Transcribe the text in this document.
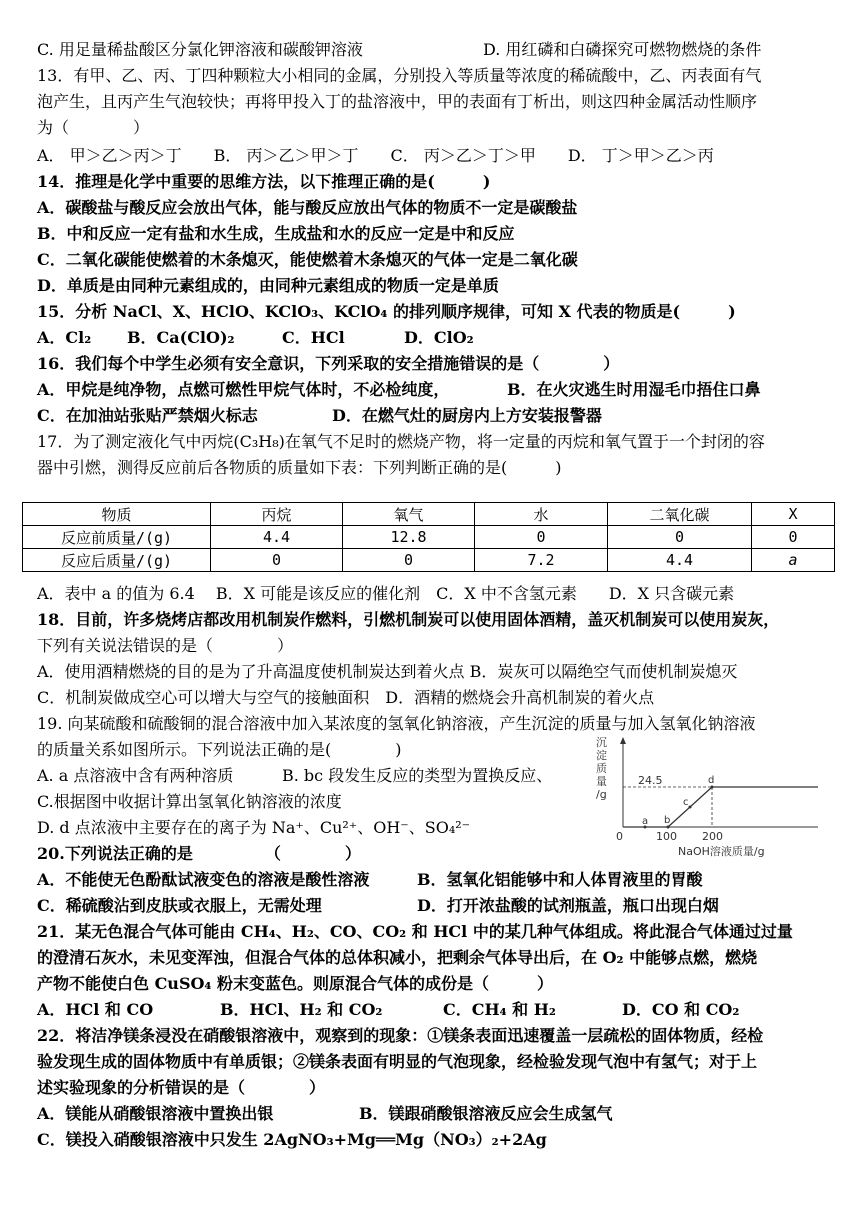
C. 用足量稀盐酸区分氯化钾溶液和碳酸钾溶液	D. 用红磷和白磷探究可燃物燃烧的条件
13．有甲、乙、丙、丁四种颗粒大小相同的金属，分别投入等质量等浓度的稀硫酸中，乙、丙表面有气
泡产生，且丙产生气泡较快；再将甲投入丁的盐溶液中，甲的表面有丁析出，则这四种金属活动性顺序
为（　　　　）
A． 甲＞乙＞丙＞丁　　B． 丙＞乙＞甲＞丁　　C． 丙＞乙＞丁＞甲　　D． 丁＞甲＞乙＞丙
14．推理是化学中重要的思维方法，以下推理正确的是(　　　)
A．碳酸盐与酸反应会放出气体，能与酸反应放出气体的物质不一定是碳酸盐
B．中和反应一定有盐和水生成，生成盐和水的反应一定是中和反应
C．二氧化碳能使燃着的木条熄灭，能使燃着木条熄灭的气体一定是二氧化碳
D．单质是由同种元素组成的，由同种元素组成的物质一定是单质
15．分析 NaCl、X、HClO、KClO₃、KClO₄ 的排列顺序规律，可知 X 代表的物质是(　　　)
A．Cl₂ B．Ca(ClO)₂	C．HCl	D．ClO₂
16．我们每个中学生必须有安全意识，下列采取的安全措施错误的是（　　　　）
A．甲烷是纯净物，点燃可燃性甲烷气体时，不必检纯度，	B．在火灾逃生时用湿毛巾捂住口鼻
C．在加油站张贴严禁烟火标志	D．在燃气灶的厨房内上方安装报警器
17．为了测定液化气中丙烷(C₃H₈)在氧气不足时的燃烧产物，将一定量的丙烷和氧气置于一个封闭的容
器中引燃，测得反应前后各物质的质量如下表：下列判断正确的是(　　　)
物质	丙烷	氧气	水	二氧化碳	X
反应前质量/(g)	4.4	12.8	0	0	0
反应后质量/(g)	0	0	7.2	4.4	a
A．表中 a 的值为 6.4　 B．X 可能是该反应的催化剂　C．X 中不含氢元素　　D．X 只含碳元素
18．目前，许多烧烤店都改用机制炭作燃料，引燃机制炭可以使用固体酒精，盖灭机制炭可以使用炭灰，
下列有关说法错误的是（　　　　）
A．使用酒精燃烧的目的是为了升高温度使机制炭达到着火点 B．炭灰可以隔绝空气而使机制炭熄灭
C．机制炭做成空心可以增大与空气的接触面积　D．酒精的燃烧会升高机制炭的着火点
19. 向某硫酸和硫酸铜的混合溶液中加入某浓度的氢氧化钠溶液，产生沉淀的质量与加入氢氧化钠溶液
的质量关系如图所示。下列说法正确的是(　　　　)
A. a 点溶液中含有两种溶质	B. bc 段发生反应的类型为置换反应、
C.根据图中收据计算出氢氧化钠溶液的浓度
D. d 点浓液中主要存在的离子为 Na⁺、Cu²⁺、OH⁻、SO₄²⁻
沉
淀
质
量
/g
24.5
a b
c
d
0	100 200
NaOH溶液质量/g
20.下列说法正确的是　　　　　（　　　　）
A．不能使无色酚酞试液变色的溶液是酸性溶液	B．氢氧化铝能够中和人体胃液里的胃酸
C．稀硫酸沾到皮肤或衣服上，无需处理	D．打开浓盐酸的试剂瓶盖，瓶口出现白烟
21．某无色混合气体可能由 CH₄、H₂、CO、CO₂ 和 HCl 中的某几种气体组成。将此混合气体通过过量
的澄清石灰水，未见变浑浊，但混合气体的总体积减小，把剩余气体导出后，在 O₂ 中能够点燃，燃烧
产物不能使白色 CuSO₄ 粉末变蓝色。则原混合气体的成份是（　　　）
A．HCl 和 CO	B．HCl、H₂ 和 CO₂	C．CH₄ 和 H₂	D．CO 和 CO₂
22．将洁净镁条浸没在硝酸银溶液中，观察到的现象：①镁条表面迅速覆盖一层疏松的固体物质，经检
验发现生成的固体物质中有单质银；②镁条表面有明显的气泡现象，经检验发现气泡中有氢气；对于上
述实验现象的分析错误的是（　　　　）
A．镁能从硝酸银溶液中置换出银	B．镁跟硝酸银溶液反应会生成氢气
C．镁投入硝酸银溶液中只发生 2AgNO₃+Mg══Mg（NO₃）₂+2Ag
